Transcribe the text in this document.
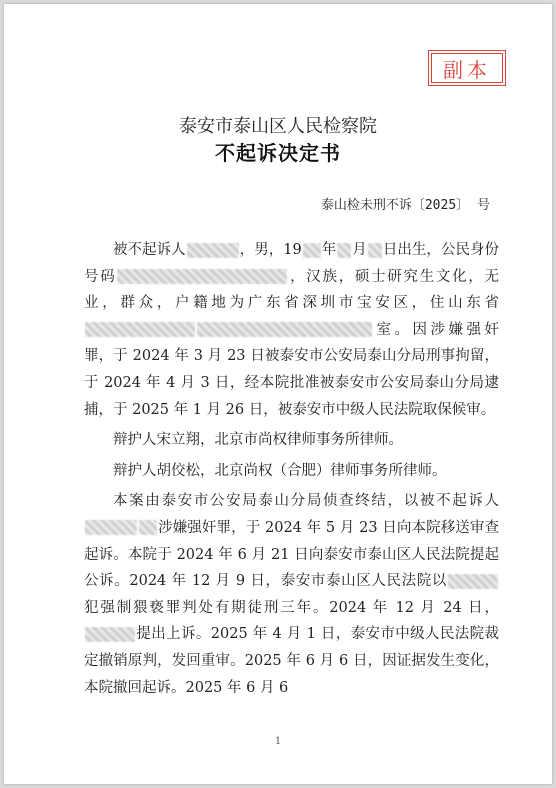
副本
泰安市泰山区人民检察院
不起诉决定书
泰山检未刑不诉〔2025〕 号

被不起诉人	，男，19 年 月 日出生，公民身份号码	，汉族，硕士研究生文化，无业，群众，户籍地为广东省深圳市宝安区，住山东省室。因涉嫌强奸罪，于 2024 年 3 月 23 日被泰安市公安局泰山分局刑事拘留，于 2024 年 4 月 3 日，经本院批准被泰安市公安局泰山分局逮捕，于 2025 年 1 月 26 日，被泰安市中级人民法院取保候审。

辩护人宋立翔，北京市尚权律师事务所律师。

辩护人胡佼松，北京尚权（合肥）律师事务所律师。

本案由泰安市公安局泰山分局侦查终结，以被不起诉人涉嫌强奸罪，于 2024 年 5 月 23 日向本院移送审查起诉。本院于 2024 年 6 月 21 日向泰安市泰山区人民法院提起公诉。2024 年 12 月 9 日，泰安市泰山区人民法院以犯强制猥亵罪判处有期徒刑三年。2024 年 12 月 24 日，提出上诉。2025 年 4 月 1 日，泰安市中级人民法院裁定撤销原判，发回重审。2025 年 6 月 6 日，因证据发生变化，本院撤回起诉。2025 年 6 月 6

1
